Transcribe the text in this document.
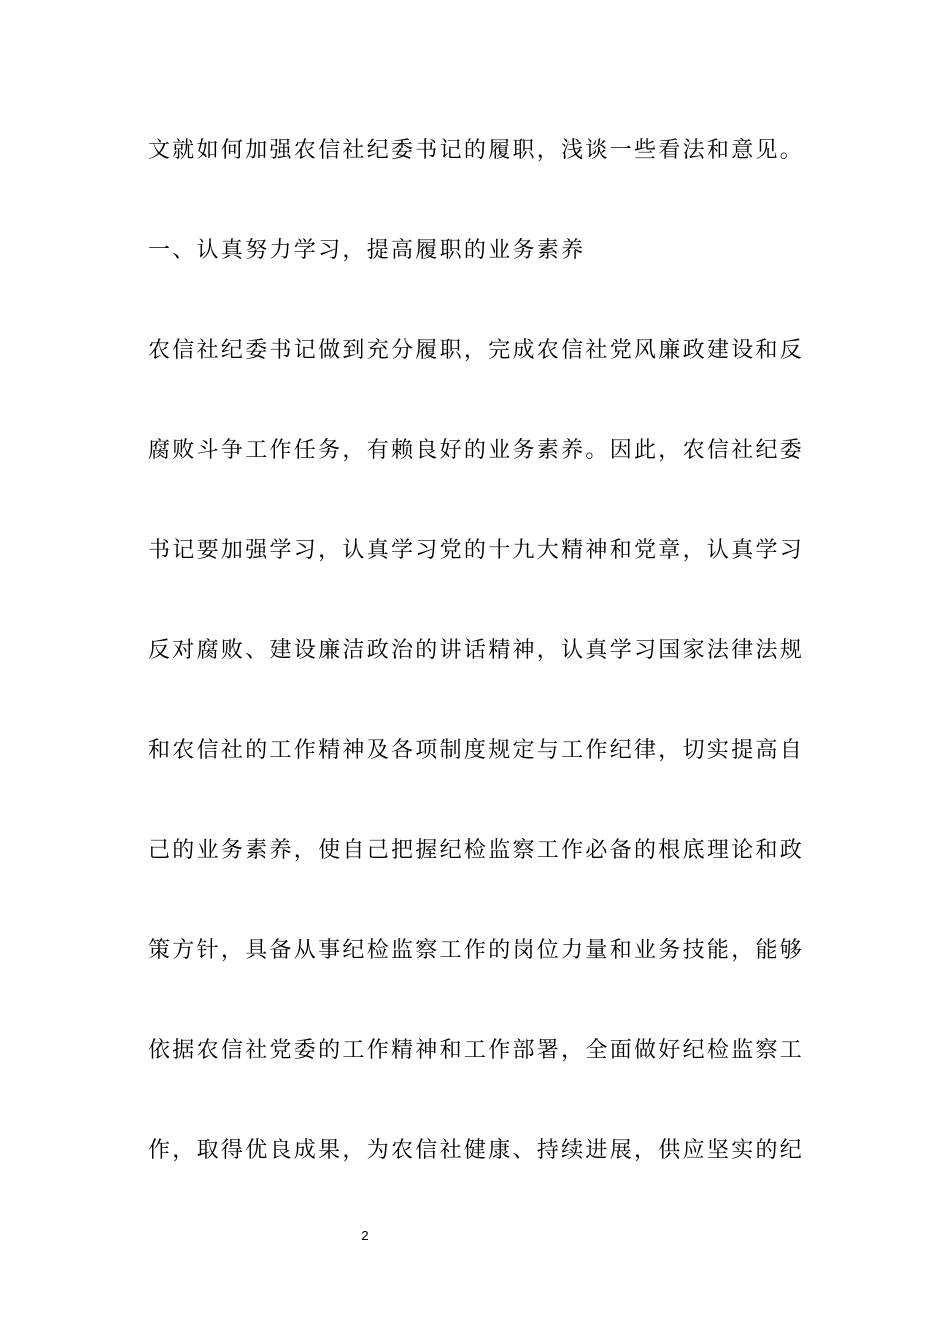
文就如何加强农信社纪委书记的履职，浅谈一些看法和意见。
一、认真努力学习，提高履职的业务素养
农信社纪委书记做到充分履职，完成农信社党风廉政建设和反
腐败斗争工作任务，有赖良好的业务素养。因此，农信社纪委
书记要加强学习，认真学习党的十九大精神和党章，认真学习
反对腐败、建设廉洁政治的讲话精神，认真学习国家法律法规
和农信社的工作精神及各项制度规定与工作纪律，切实提高自
己的业务素养，使自己把握纪检监察工作必备的根底理论和政
策方针，具备从事纪检监察工作的岗位力量和业务技能，能够
依据农信社党委的工作精神和工作部署，全面做好纪检监察工
作，取得优良成果，为农信社健康、持续进展，供应坚实的纪
2
